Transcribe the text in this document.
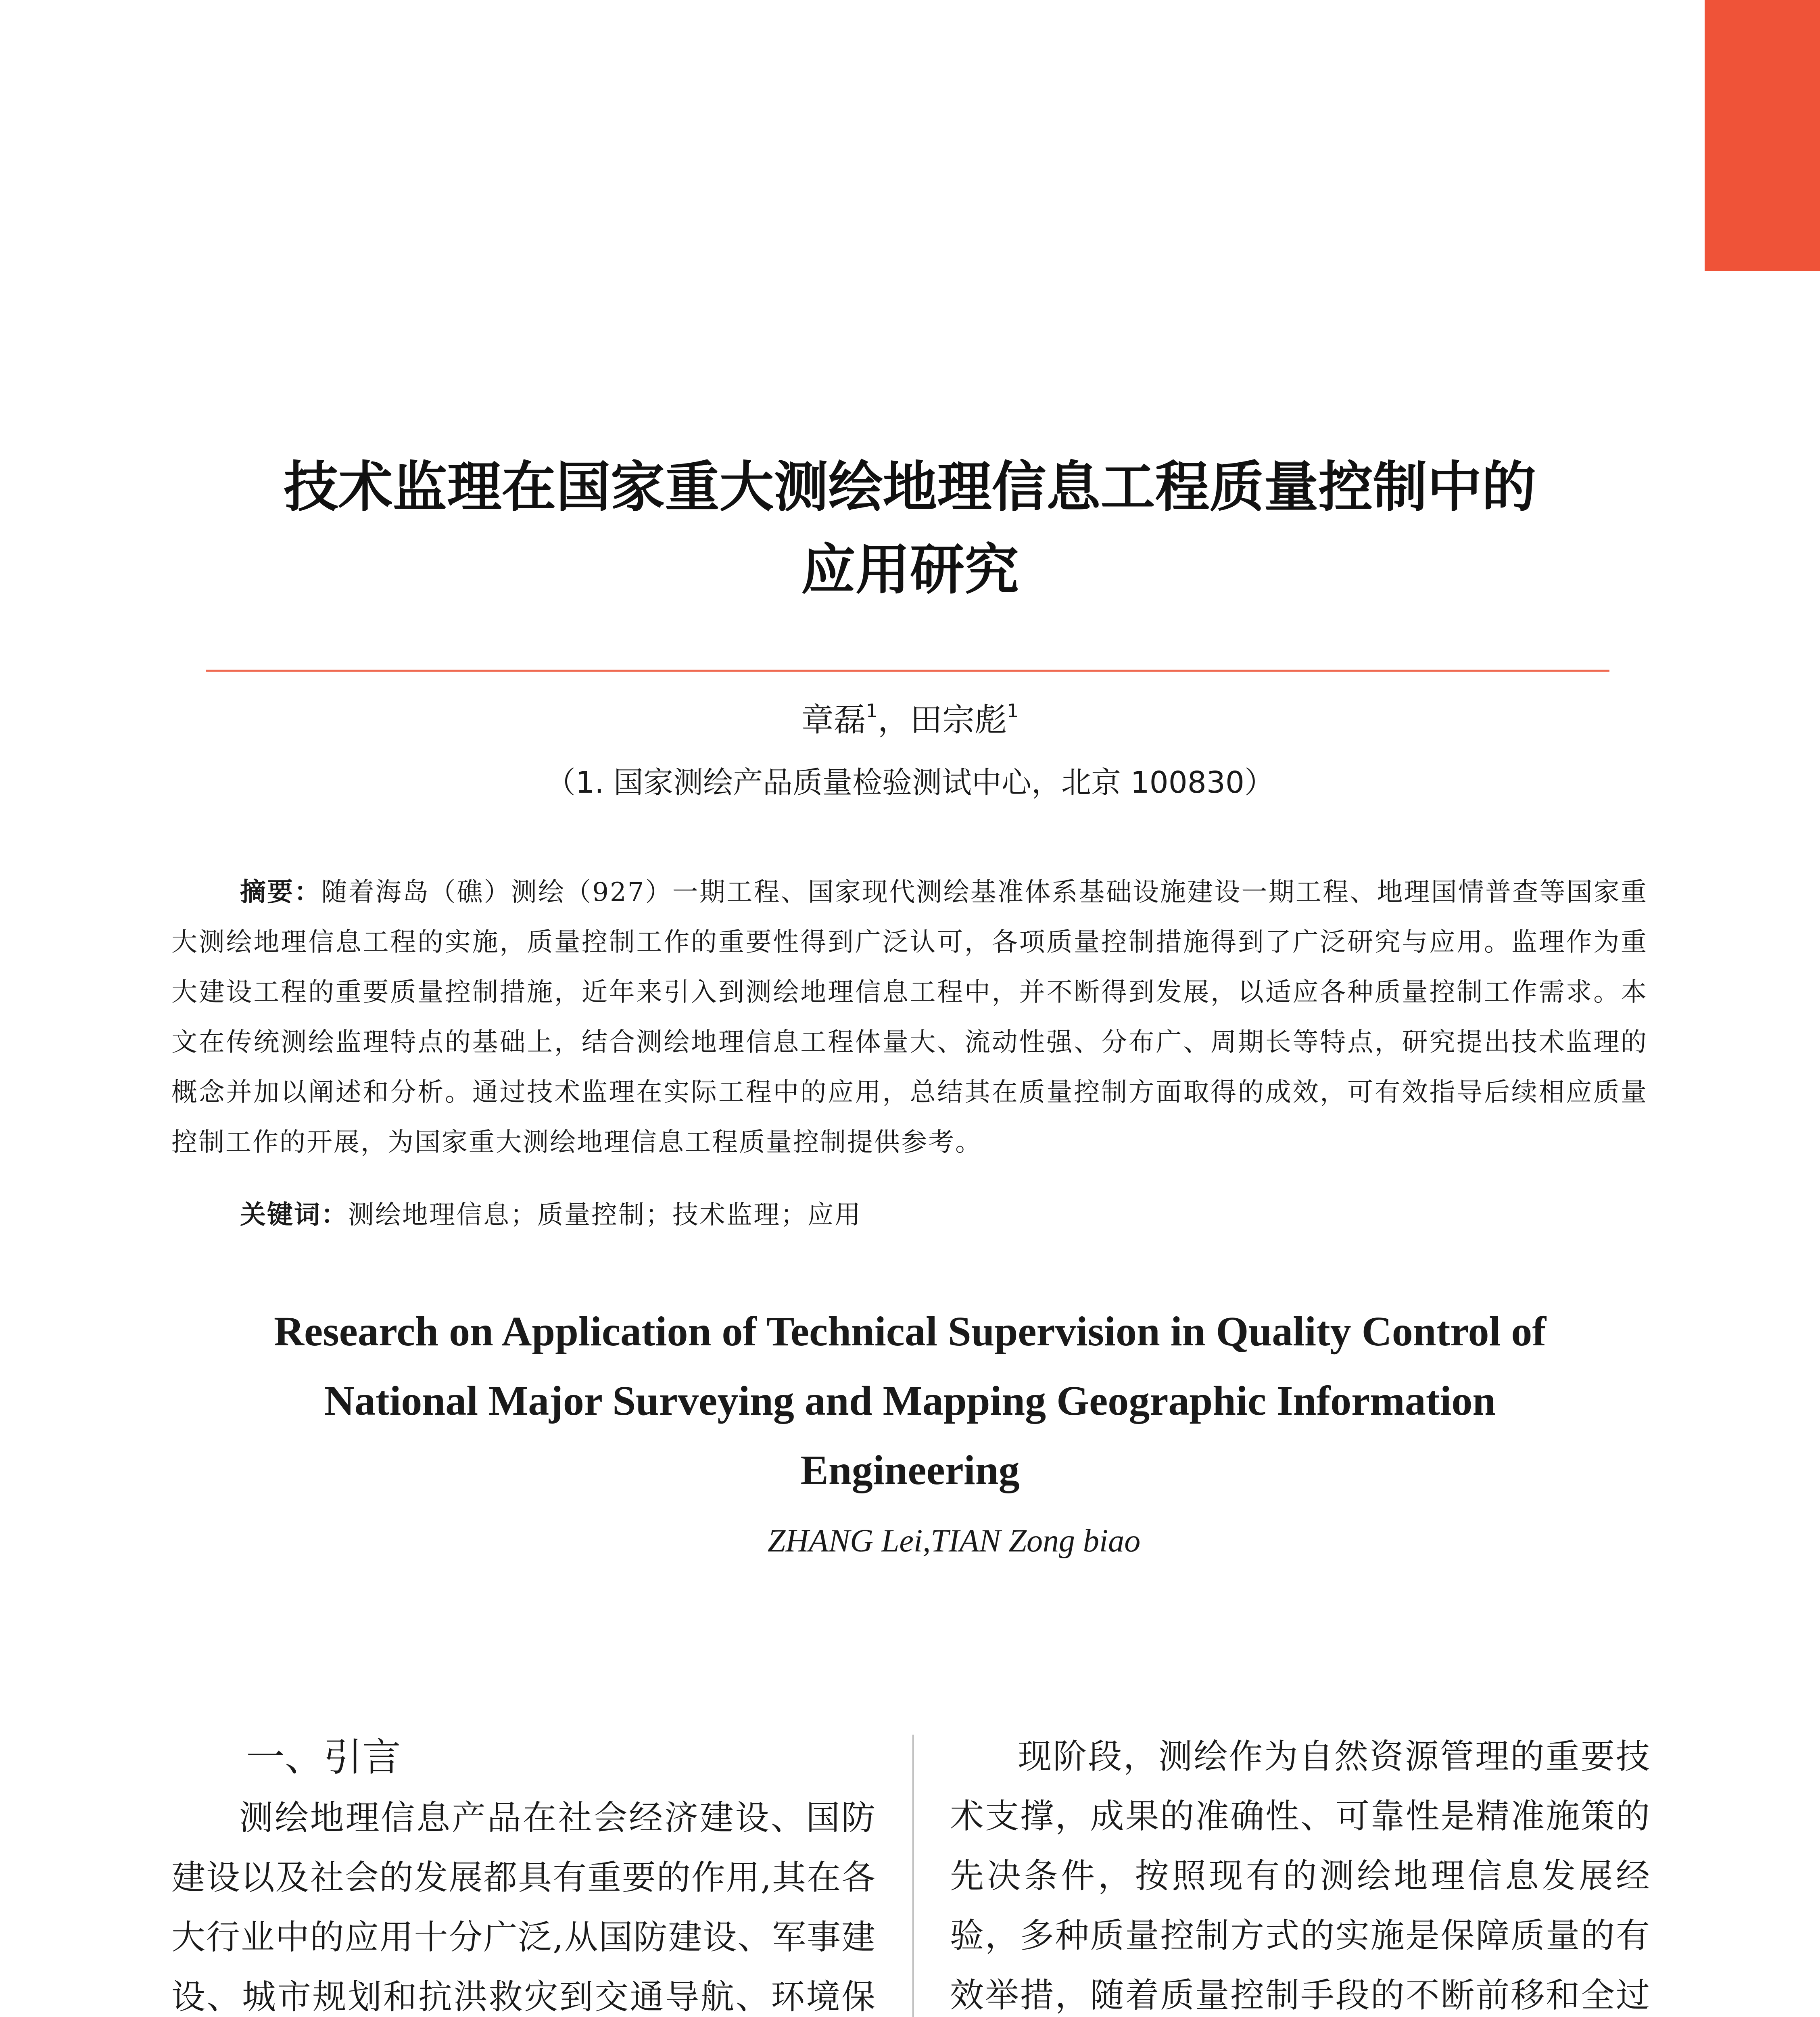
技术监理在国家重大测绘地理信息工程质量控制中的
应用研究
章磊$^1$，田宗彪$^1$
（1. 国家测绘产品质量检验测试中心，北京 100830）
摘要：随着海岛（礁）测绘（927）一期工程、国家现代测绘基准体系基础设施建设一期工程、地理国情普查等国家重大测绘地理信息工程的实施，质量控制工作的重要性得到广泛认可，各项质量控制措施得到了广泛研究与应用。监理作为重大建设工程的重要质量控制措施，近年来引入到测绘地理信息工程中，并不断得到发展，以适应各种质量控制工作需求。本文在传统测绘监理特点的基础上，结合测绘地理信息工程体量大、流动性强、分布广、周期长等特点，研究提出技术监理的概念并加以阐述和分析。通过技术监理在实际工程中的应用，总结其在质量控制方面取得的成效，可有效指导后续相应质量控制工作的开展，为国家重大测绘地理信息工程质量控制提供参考。
关键词：测绘地理信息；质量控制；技术监理；应用
Research on Application of Technical Supervision in Quality Control of
National Major Surveying and Mapping Geographic Information
Engineering
ZHANG Lei,TIAN Zong biao
一、引言

测绘地理信息产品在社会经济建设、国防建设以及社会的发展都具有重要的作用,其在各大行业中的应用十分广泛,从国防建设、军事建设、城市规划和抗洪救灾到交通导航、环境保

现阶段，测绘作为自然资源管理的重要技术支撑，成果的准确性、可靠性是精准施策的先决条件，按照现有的测绘地理信息发展经验，多种质量控制方式的实施是保障质量的有效举措，随着质量控制手段的不断前移和全过
